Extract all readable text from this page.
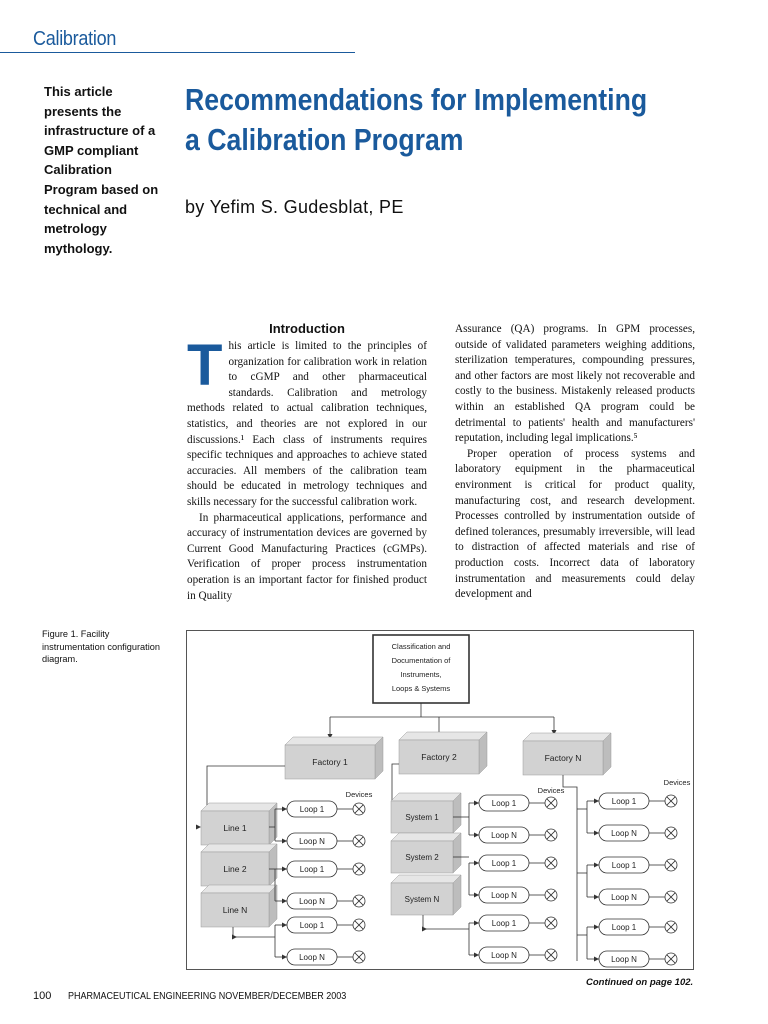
Calibration
This article presents the infrastructure of a GMP compliant Calibration Program based on technical and metrology mythology.
Recommendations for Implementing a Calibration Program
by Yefim S. Gudesblat, PE
Introduction
T his article is limited to the principles of organization for calibration work in relation to cGMP and other pharmaceutical standards. Calibration and metrology methods related to actual calibration techniques, statistics, and theories are not explored in our discussions.¹ Each class of instruments requires specific techniques and approaches to achieve stated accuracies. All members of the calibration team should be educated in metrology techniques and skills necessary for the successful calibration work.

In pharmaceutical applications, performance and accuracy of instrumentation devices are governed by Current Good Manufacturing Practices (cGMPs). Verification of proper process instrumentation operation is an important factor for finished product in Quality

Assurance (QA) programs. In GPM processes, outside of validated parameters weighing additions, sterilization temperatures, compounding pressures, and other factors are most likely not recoverable and costly to the business. Mistakenly released products within an established QA program could be detrimental to patients' health and manufacturers' reputation, including legal implications.⁵

Proper operation of process systems and laboratory equipment in the pharmaceutical environment is critical for product quality, manufacturing cost, and research development. Processes controlled by instrumentation outside of defined tolerances, presumably irreversible, will lead to distraction of affected materials and rise of production costs. Incorrect data of laboratory instrumentation and measurements could delay development and

Figure 1. Facility instrumentation configuration diagram.
Classification and
Documentation of
Instruments,
Loops & Systems
Factory 1	Factory 2	Factory N
Line 1
Line 2
Line N
Devices
Loop 1
Loop N
Loop 1
Loop N
Loop 1
Loop N
System 1
System 2
System N
Devices
Loop 1
Loop N
Loop 1
Loop N
Loop 1
Loop N
Devices
Loop 1
Loop N
Loop 1
Loop N
Loop 1
Loop N
Continued on page 102.
100 PHARMACEUTICAL ENGINEERING NOVEMBER/DECEMBER 2003
